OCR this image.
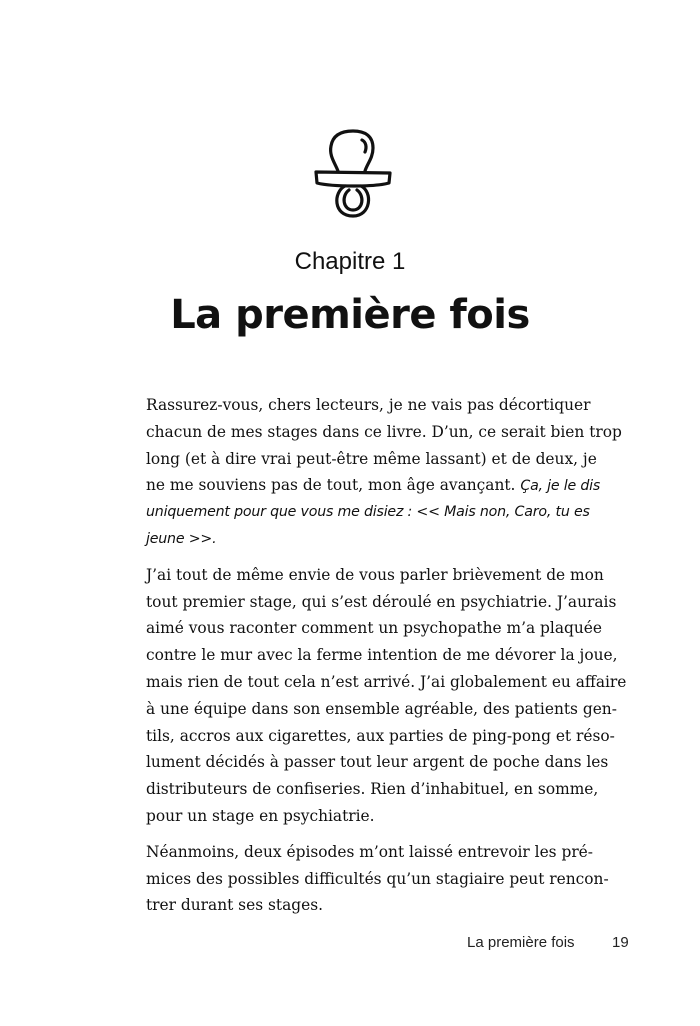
Chapitre 1
La première fois
Rassurez-vous, chers lecteurs, je ne vais pas décortiquer
chacun de mes stages dans ce livre. D’un, ce serait bien trop
long (et à dire vrai peut-être même lassant) et de deux, je
ne me souviens pas de tout, mon âge avançant. Ça, je le dis
uniquement pour que vous me disiez : << Mais non, Caro, tu es
jeune >>.
J’ai tout de même envie de vous parler brièvement de mon
tout premier stage, qui s’est déroulé en psychiatrie. J’aurais
aimé vous raconter comment un psychopathe m’a plaquée
contre le mur avec la ferme intention de me dévorer la joue,
mais rien de tout cela n’est arrivé. J’ai globalement eu affaire
à une équipe dans son ensemble agréable, des patients gen-
tils, accros aux cigarettes, aux parties de ping-pong et réso-
lument décidés à passer tout leur argent de poche dans les
distributeurs de confiseries. Rien d’inhabituel, en somme,
pour un stage en psychiatrie.
Néanmoins, deux épisodes m’ont laissé entrevoir les pré-
mices des possibles difficultés qu’un stagiaire peut rencon-
trer durant ses stages.
La première fois 19
